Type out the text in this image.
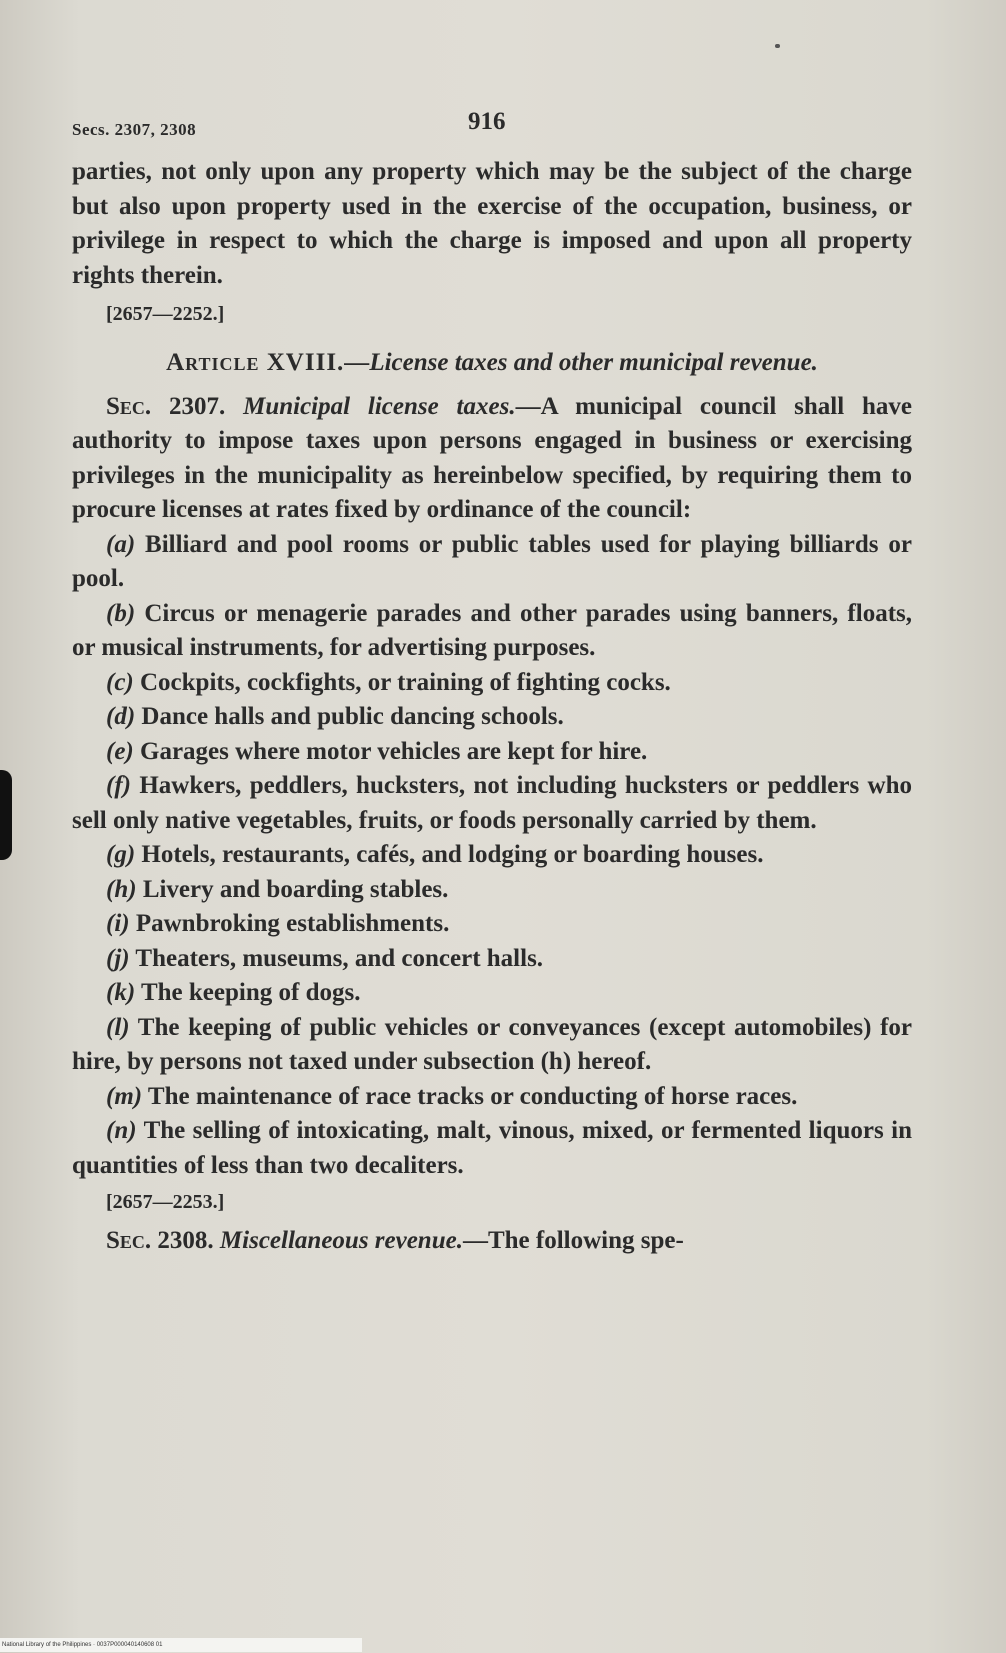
Secs. 2307, 2308	916

parties, not only upon any property which may be the subject of the charge but also upon property used in the exercise of the occupation, business, or privilege in respect to which the charge is imposed and upon all property rights therein.

[2657—2252.]

Article XVIII.—License taxes and other municipal revenue.

Sec. 2307. Municipal license taxes.—A municipal council shall have authority to impose taxes upon persons engaged in business or exercising privileges in the municipality as hereinbelow specified, by requiring them to procure licenses at rates fixed by ordinance of the council:

(a) Billiard and pool rooms or public tables used for playing billiards or pool.

(b) Circus or menagerie parades and other parades using banners, floats, or musical instruments, for advertising purposes.

(c) Cockpits, cockfights, or training of fighting cocks.

(d) Dance halls and public dancing schools.

(e) Garages where motor vehicles are kept for hire.

(f) Hawkers, peddlers, hucksters, not including hucksters or peddlers who sell only native vegetables, fruits, or foods personally carried by them.

(g) Hotels, restaurants, cafés, and lodging or boarding houses.

(h) Livery and boarding stables.

(i) Pawnbroking establishments.

(j) Theaters, museums, and concert halls.

(k) The keeping of dogs.

(l) The keeping of public vehicles or conveyances (except automobiles) for hire, by persons not taxed under subsection (h) hereof.

(m) The maintenance of race tracks or conducting of horse races.

(n) The selling of intoxicating, malt, vinous, mixed, or fermented liquors in quantities of less than two decaliters.

[2657—2253.]

Sec. 2308. Miscellaneous revenue.—The following spe-

National Library of the Philippines · 0037P000040140608 01
